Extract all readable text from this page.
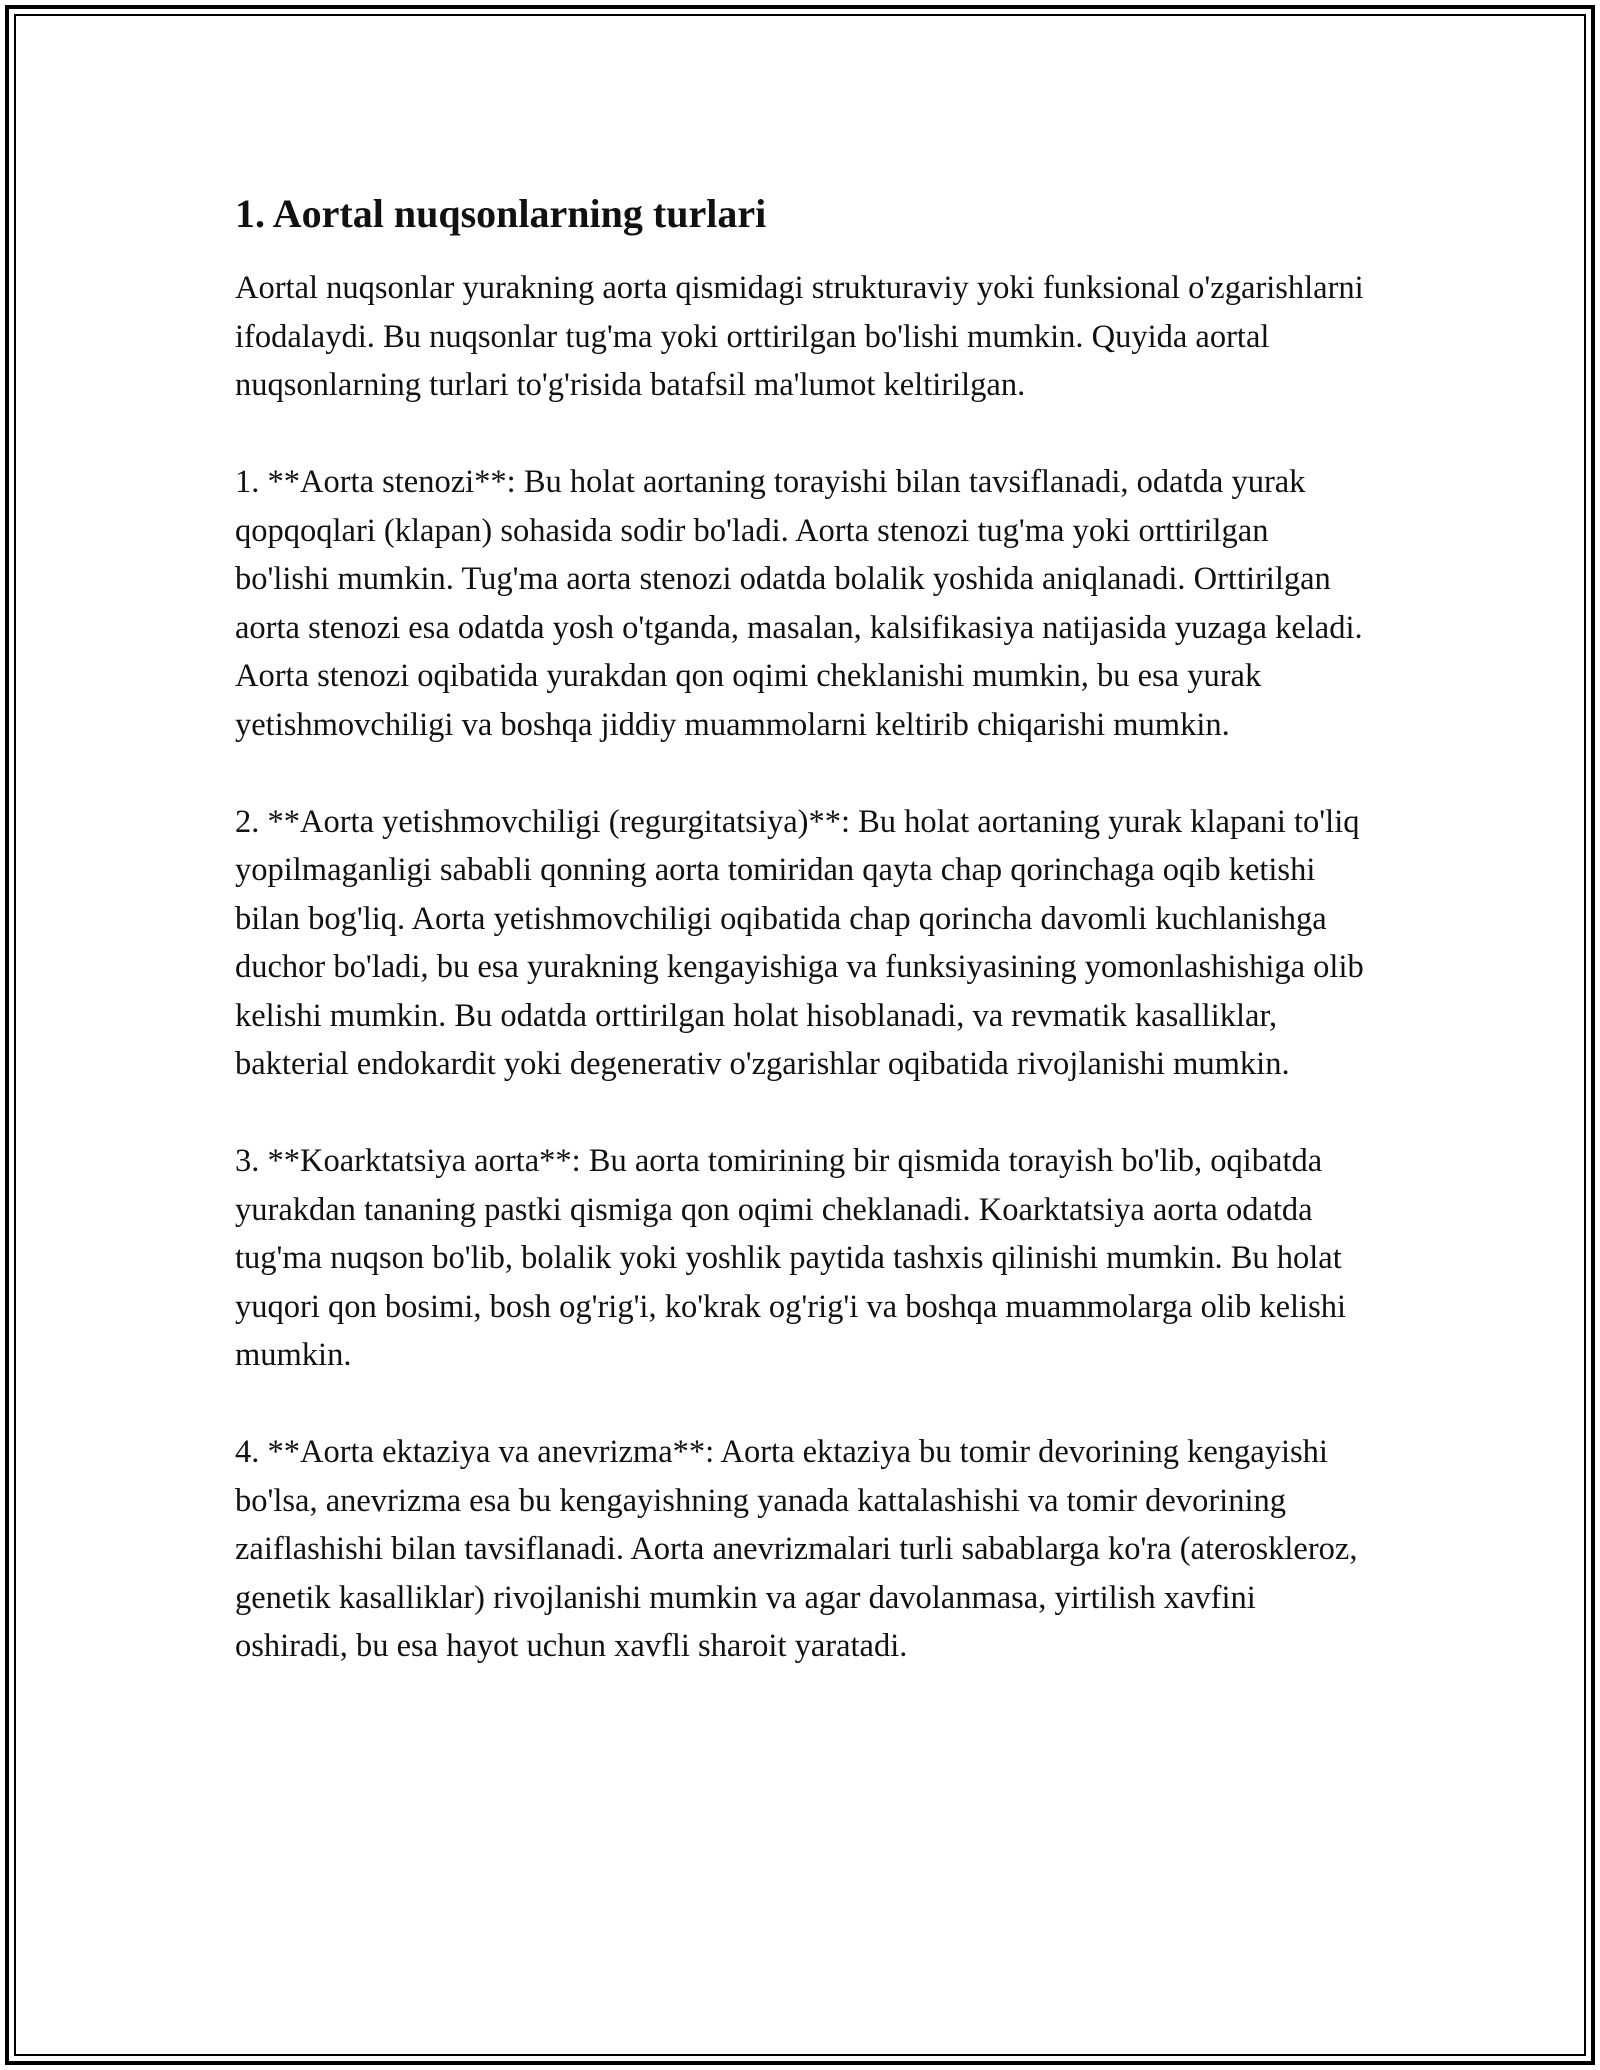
1. Aortal nuqsonlarning turlari

Aortal nuqsonlar yurakning aorta qismidagi strukturaviy yoki funksional o'zgarishlarni ifodalaydi. Bu nuqsonlar tug'ma yoki orttirilgan bo'lishi mumkin. Quyida aortal nuqsonlarning turlari to'g'risida batafsil ma'lumot keltirilgan.

1. **Aorta stenozi**: Bu holat aortaning torayishi bilan tavsiflanadi, odatda yurak qopqoqlari (klapan) sohasida sodir bo'ladi. Aorta stenozi tug'ma yoki orttirilgan bo'lishi mumkin. Tug'ma aorta stenozi odatda bolalik yoshida aniqlanadi. Orttirilgan aorta stenozi esa odatda yosh o'tganda, masalan, kalsifikasiya natijasida yuzaga keladi. Aorta stenozi oqibatida yurakdan qon oqimi cheklanishi mumkin, bu esa yurak yetishmovchiligi va boshqa jiddiy muammolarni keltirib chiqarishi mumkin.

2. **Aorta yetishmovchiligi (regurgitatsiya)**: Bu holat aortaning yurak klapani to'liq yopilmaganligi sababli qonning aorta tomiridan qayta chap qorinchaga oqib ketishi bilan bog'liq. Aorta yetishmovchiligi oqibatida chap qorincha davomli kuchlanishga duchor bo'ladi, bu esa yurakning kengayishiga va funksiyasining yomonlashishiga olib kelishi mumkin. Bu odatda orttirilgan holat hisoblanadi, va revmatik kasalliklar, bakterial endokardit yoki degenerativ o'zgarishlar oqibatida rivojlanishi mumkin.

3. **Koarktatsiya aorta**: Bu aorta tomirining bir qismida torayish bo'lib, oqibatda yurakdan tananing pastki qismiga qon oqimi cheklanadi. Koarktatsiya aorta odatda tug'ma nuqson bo'lib, bolalik yoki yoshlik paytida tashxis qilinishi mumkin. Bu holat yuqori qon bosimi, bosh og'rig'i, ko'krak og'rig'i va boshqa muammolarga olib kelishi mumkin.

4. **Aorta ektaziya va anevrizma**: Aorta ektaziya bu tomir devorining kengayishi bo'lsa, anevrizma esa bu kengayishning yanada kattalashishi va tomir devorining zaiflashishi bilan tavsiflanadi. Aorta anevrizmalari turli sabablarga ko'ra (ateroskleroz, genetik kasalliklar) rivojlanishi mumkin va agar davolanmasa, yirtilish xavfini oshiradi, bu esa hayot uchun xavfli sharoit yaratadi.
